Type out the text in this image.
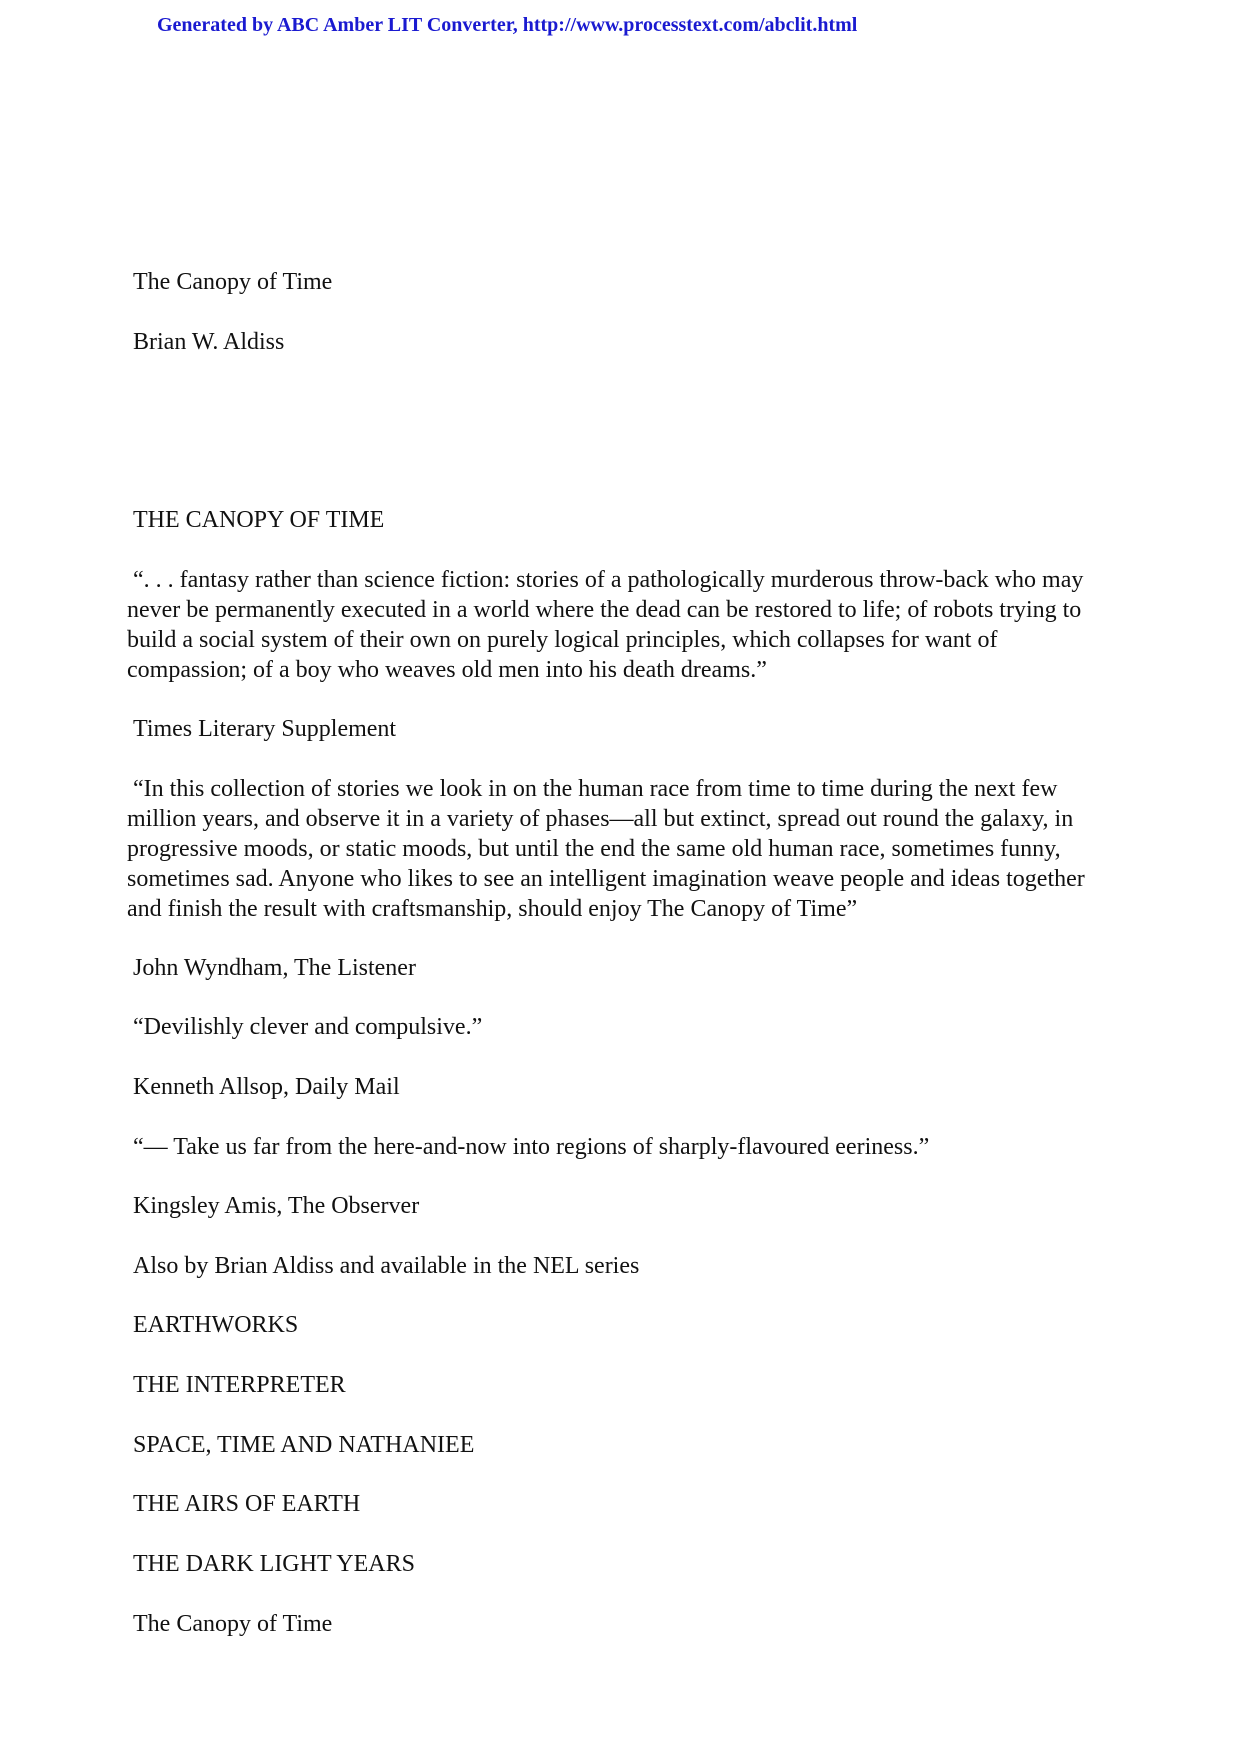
Generated by ABC Amber LIT Converter, http://www.processtext.com/abclit.html
The Canopy of Time
Brian W. Aldiss
THE CANOPY OF TIME
“. . . fantasy rather than science fiction: stories of a pathologically murderous throw-back who may never be permanently executed in a world where the dead can be restored to life; of robots trying to build a social system of their own on purely logical principles, which collapses for want of compassion; of a boy who weaves old men into his death dreams.”
Times Literary Supplement
“In this collection of stories we look in on the human race from time to time during the next few million years, and observe it in a variety of phases—all but extinct, spread out round the galaxy, in progressive moods, or static moods, but until the end the same old human race, sometimes funny, sometimes sad. Anyone who likes to see an intelligent imagination weave people and ideas together and finish the result with craftsmanship, should enjoy The Canopy of Time”
John Wyndham, The Listener
“Devilishly clever and compulsive.”
Kenneth Allsop, Daily Mail
“— Take us far from the here-and-now into regions of sharply-flavoured eeriness.”
Kingsley Amis, The Observer
Also by Brian Aldiss and available in the NEL series
EARTHWORKS
THE INTERPRETER
SPACE, TIME AND NATHANIEE
THE AIRS OF EARTH
THE DARK LIGHT YEARS
The Canopy of Time
